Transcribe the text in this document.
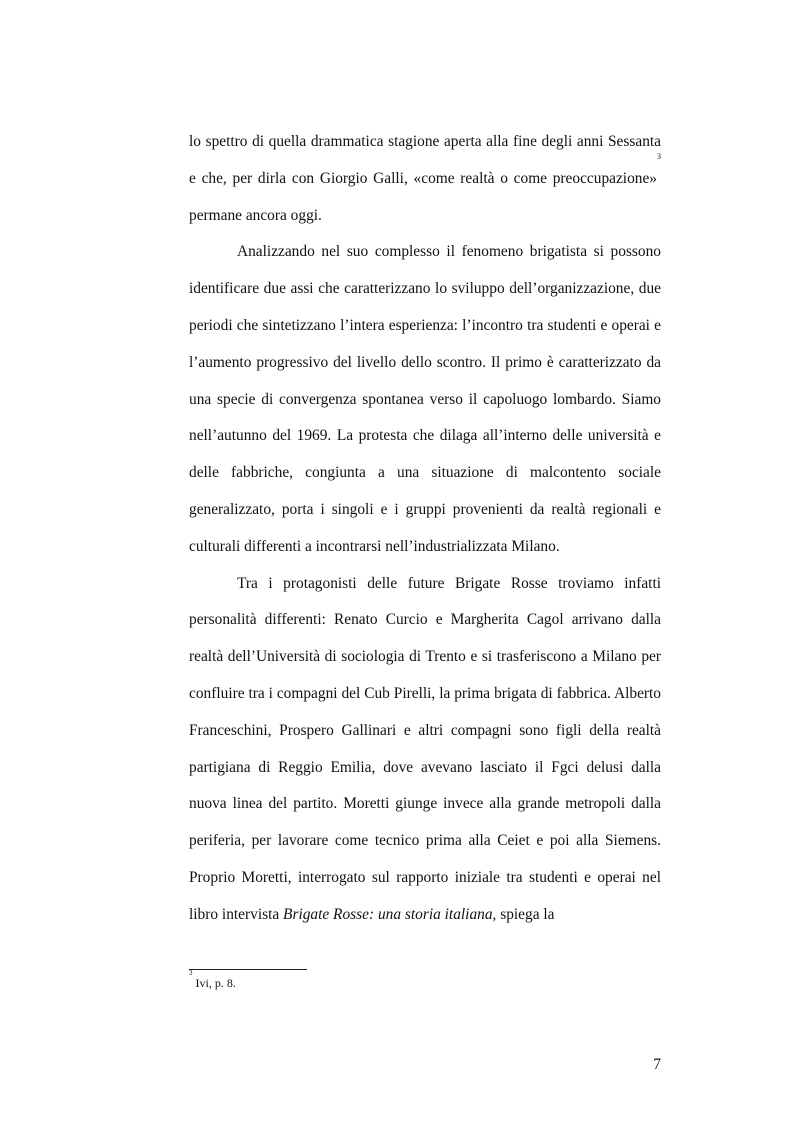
lo spettro di quella drammatica stagione aperta alla fine degli anni Sessanta e che, per dirla con Giorgio Galli, «come realtà o come preoccupazione»$^3$ permane ancora oggi.

Analizzando nel suo complesso il fenomeno brigatista si possono identificare due assi che caratterizzano lo sviluppo dell’organizzazione, due periodi che sintetizzano l’intera esperienza: l’incontro tra studenti e operai e l’aumento progressivo del livello dello scontro. Il primo è caratterizzato da una specie di convergenza spontanea verso il capoluogo lombardo. Siamo nell’autunno del 1969. La protesta che dilaga all’interno delle università e delle fabbriche, congiunta a una situazione di malcontento sociale generalizzato, porta i singoli e i gruppi provenienti da realtà regionali e culturali differenti a incontrarsi nell’industrializzata Milano.

Tra i protagonisti delle future Brigate Rosse troviamo infatti personalità differenti: Renato Curcio e Margherita Cagol arrivano dalla realtà dell’Università di sociologia di Trento e si trasferiscono a Milano per confluire tra i compagni del Cub Pirelli, la prima brigata di fabbrica. Alberto Franceschini, Prospero Gallinari e altri compagni sono figli della realtà partigiana di Reggio Emilia, dove avevano lasciato il Fgci delusi dalla nuova linea del partito. Moretti giunge invece alla grande metropoli dalla periferia, per lavorare come tecnico prima alla Ceiet e poi alla Siemens. Proprio Moretti, interrogato sul rapporto iniziale tra studenti e operai nel libro intervista Brigate Rosse: una storia italiana, spiega la

$^3$ Ivi, p. 8.
7
